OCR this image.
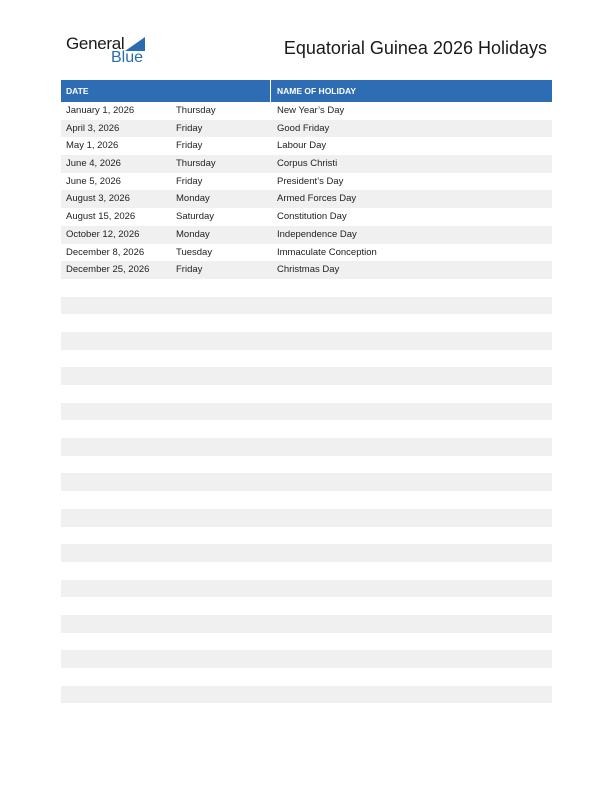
General
Blue	Equatorial Guinea 2026 Holidays
DATE	NAME OF HOLIDAY
January 1, 2026	Thursday	New Year’s Day
April 3, 2026	Friday	Good Friday
May 1, 2026	Friday	Labour Day
June 4, 2026	Thursday	Corpus Christi
June 5, 2026	Friday	President’s Day
August 3, 2026	Monday	Armed Forces Day
August 15, 2026	Saturday	Constitution Day
October 12, 2026	Monday	Independence Day
December 8, 2026	Tuesday	Immaculate Conception
December 25, 2026	Friday	Christmas Day
